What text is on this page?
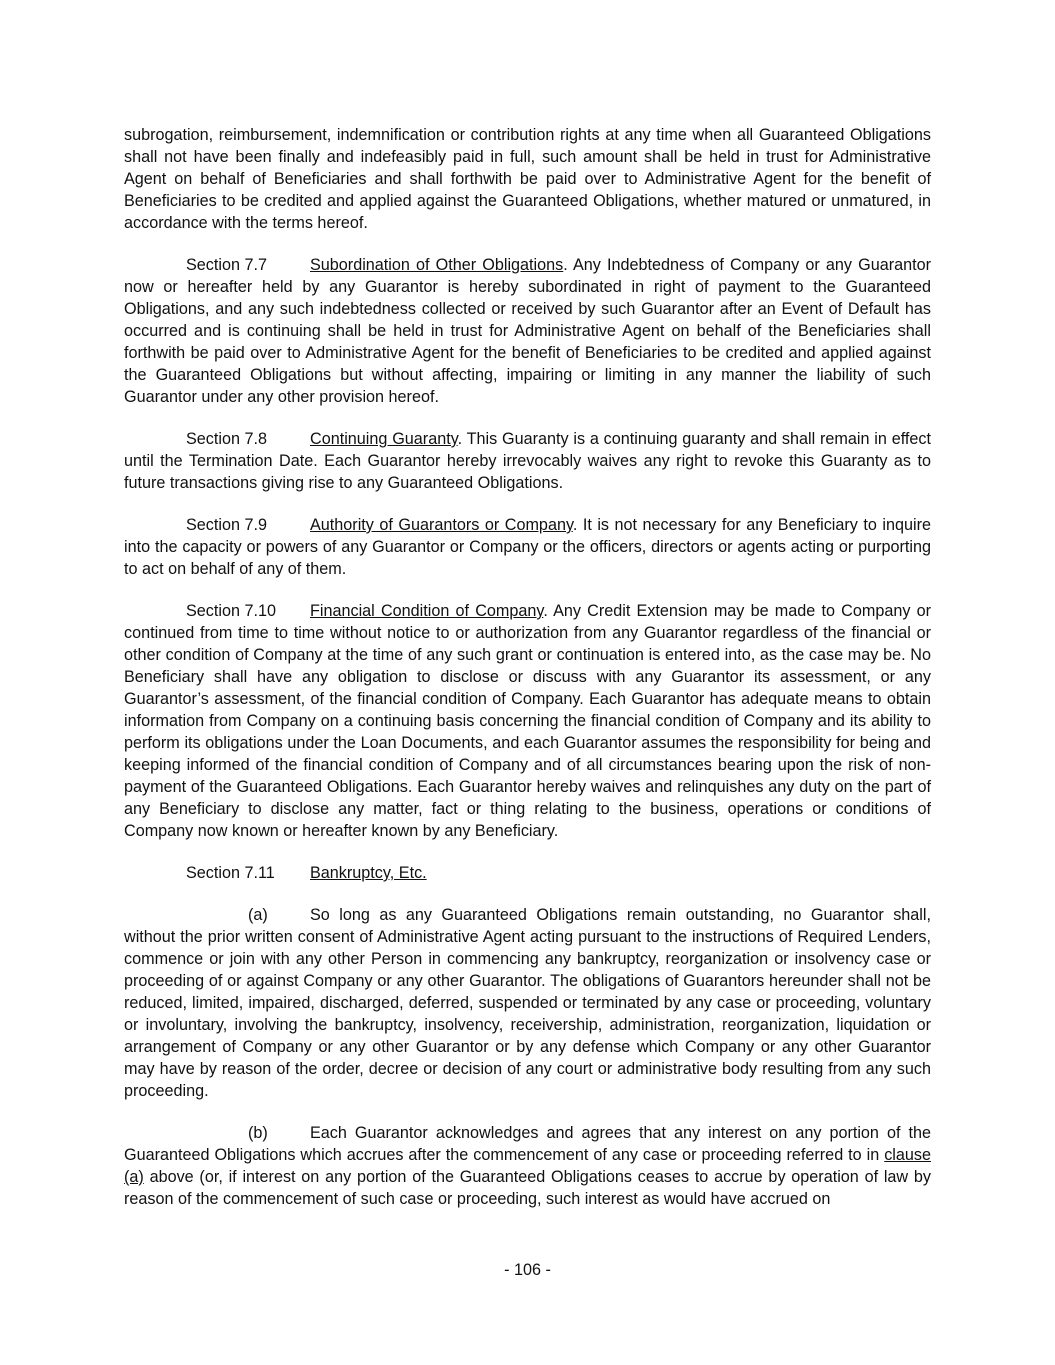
subrogation, reimbursement, indemnification or contribution rights at any time when all Guaranteed Obligations shall not have been finally and indefeasibly paid in full, such amount shall be held in trust for Administrative Agent on behalf of Beneficiaries and shall forthwith be paid over to Administrative Agent for the benefit of Beneficiaries to be credited and applied against the Guaranteed Obligations, whether matured or unmatured, in accordance with the terms hereof.

Section 7.7	Subordination of Other Obligations. Any Indebtedness of Company or any Guarantor now or hereafter held by any Guarantor is hereby subordinated in right of payment to the Guaranteed Obligations, and any such indebtedness collected or received by such Guarantor after an Event of Default has occurred and is continuing shall be held in trust for Administrative Agent on behalf of the Beneficiaries shall forthwith be paid over to Administrative Agent for the benefit of Beneficiaries to be credited and applied against the Guaranteed Obligations but without affecting, impairing or limiting in any manner the liability of such Guarantor under any other provision hereof.

Section 7.8	Continuing Guaranty. This Guaranty is a continuing guaranty and shall remain in effect until the Termination Date. Each Guarantor hereby irrevocably waives any right to revoke this Guaranty as to future transactions giving rise to any Guaranteed Obligations.

Section 7.9	Authority of Guarantors or Company. It is not necessary for any Beneficiary to inquire into the capacity or powers of any Guarantor or Company or the officers, directors or agents acting or purporting to act on behalf of any of them.

Section 7.10 Financial Condition of Company. Any Credit Extension may be made to Company or continued from time to time without notice to or authorization from any Guarantor regardless of the financial or other condition of Company at the time of any such grant or continuation is entered into, as the case may be. No Beneficiary shall have any obligation to disclose or discuss with any Guarantor its assessment, or any Guarantor’s assessment, of the financial condition of Company. Each Guarantor has adequate means to obtain information from Company on a continuing basis concerning the financial condition of Company and its ability to perform its obligations under the Loan Documents, and each Guarantor assumes the responsibility for being and keeping informed of the financial condition of Company and of all circumstances bearing upon the risk of non-payment of the Guaranteed Obligations. Each Guarantor hereby waives and relinquishes any duty on the part of any Beneficiary to disclose any matter, fact or thing relating to the business, operations or conditions of Company now known or hereafter known by any Beneficiary.

Section 7.11 Bankruptcy, Etc.

(a)	So long as any Guaranteed Obligations remain outstanding, no Guarantor shall, without the prior written consent of Administrative Agent acting pursuant to the instructions of Required Lenders, commence or join with any other Person in commencing any bankruptcy, reorganization or insolvency case or proceeding of or against Company or any other Guarantor. The obligations of Guarantors hereunder shall not be reduced, limited, impaired, discharged, deferred, suspended or terminated by any case or proceeding, voluntary or involuntary, involving the bankruptcy, insolvency, receivership, administration, reorganization, liquidation or arrangement of Company or any other Guarantor or by any defense which Company or any other Guarantor may have by reason of the order, decree or decision of any court or administrative body resulting from any such proceeding.

(b)	Each Guarantor acknowledges and agrees that any interest on any portion of the Guaranteed Obligations which accrues after the commencement of any case or proceeding referred to in clause (a) above (or, if interest on any portion of the Guaranteed Obligations ceases to accrue by operation of law by reason of the commencement of such case or proceeding, such interest as would have accrued on

- 106 -
